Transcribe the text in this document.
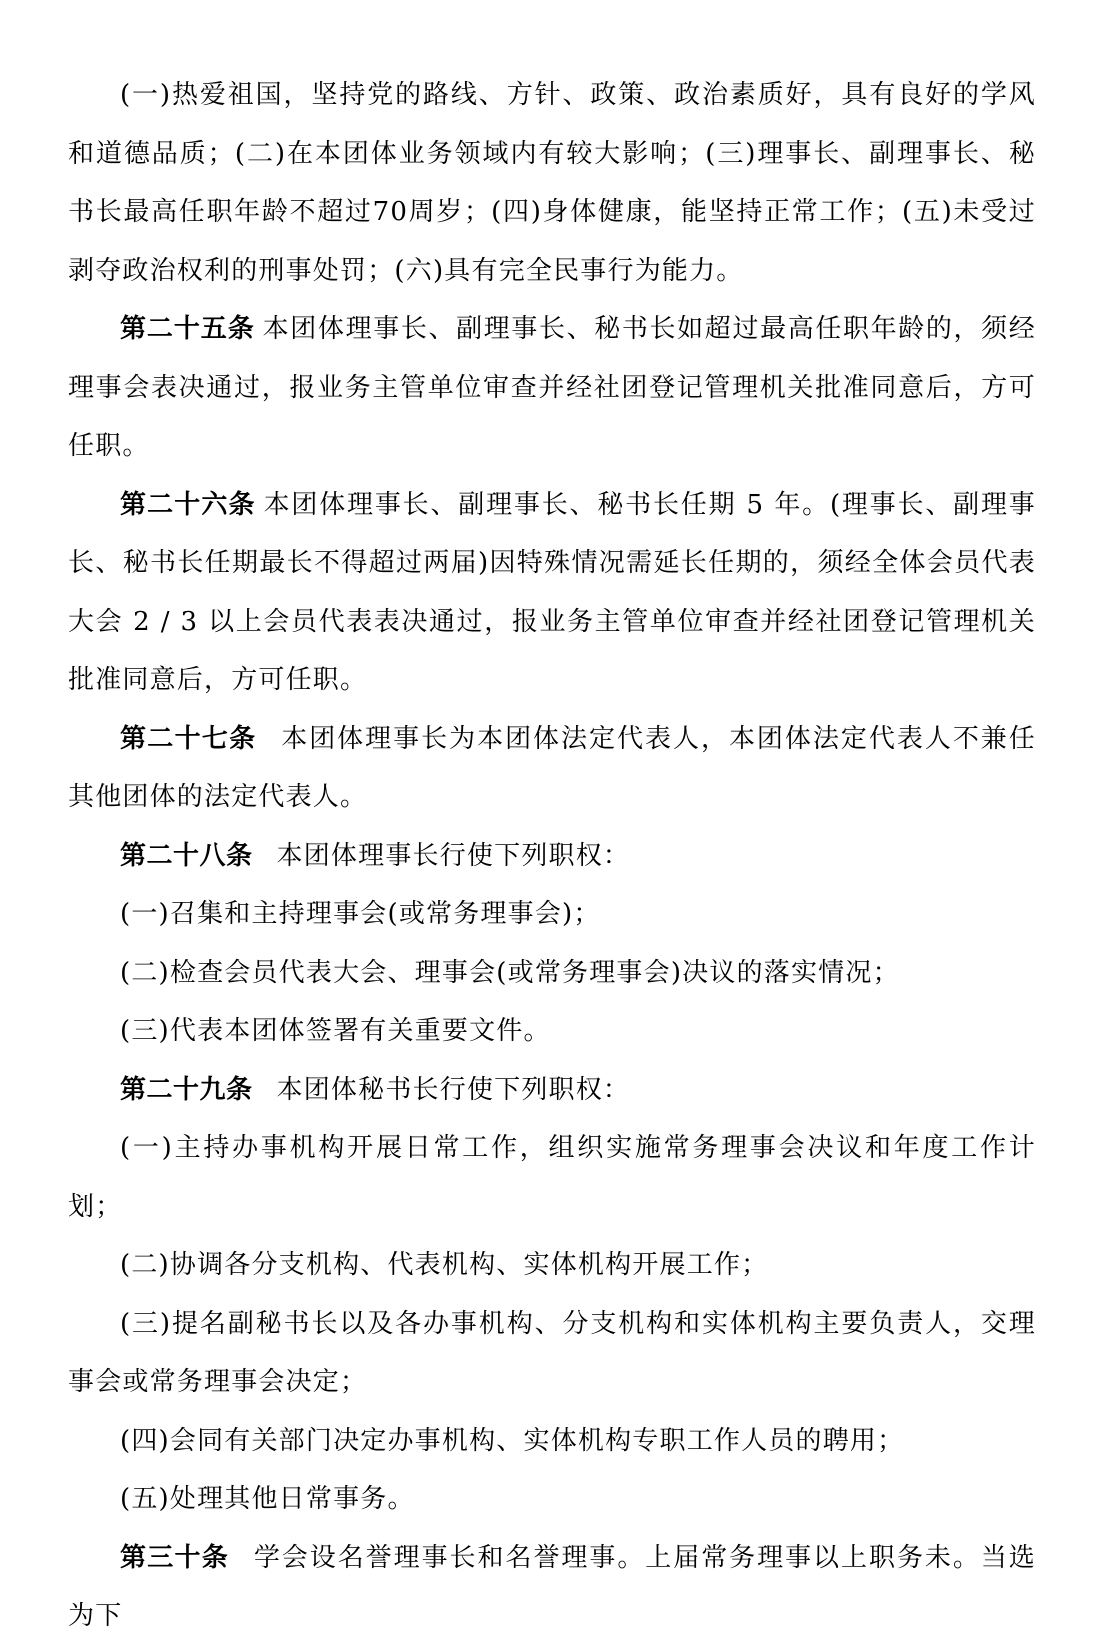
(一)热爱祖国，坚持党的路线、方针、政策、政治素质好，具有良好的学风和道德品质；(二)在本团体业务领域内有较大影响；(三)理事长、副理事长、秘书长最高任职年龄不超过70周岁；(四)身体健康，能坚持正常工作；(五)未受过剥夺政治权利的刑事处罚；(六)具有完全民事行为能力。

第二十五条 本团体理事长、副理事长、秘书长如超过最高任职年龄的，须经理事会表决通过，报业务主管单位审查并经社团登记管理机关批准同意后，方可任职。

第二十六条 本团体理事长、副理事长、秘书长任期 5 年。(理事长、副理事长、秘书长任期最长不得超过两届)因特殊情况需延长任期的，须经全体会员代表大会 2 / 3 以上会员代表表决通过，报业务主管单位审查并经社团登记管理机关批准同意后，方可任职。

第二十七条 本团体理事长为本团体法定代表人，本团体法定代表人不兼任其他团体的法定代表人。

第二十八条 本团体理事长行使下列职权：

(一)召集和主持理事会(或常务理事会)；

(二)检查会员代表大会、理事会(或常务理事会)决议的落实情况；

(三)代表本团体签署有关重要文件。

第二十九条 本团体秘书长行使下列职权：

(一)主持办事机构开展日常工作，组织实施常务理事会决议和年度工作计划；

(二)协调各分支机构、代表机构、实体机构开展工作；

(三)提名副秘书长以及各办事机构、分支机构和实体机构主要负责人，交理事会或常务理事会决定；

(四)会同有关部门决定办事机构、实体机构专职工作人员的聘用；

(五)处理其他日常事务。

第三十条 学会设名誉理事长和名誉理事。上届常务理事以上职务未。当选为下
